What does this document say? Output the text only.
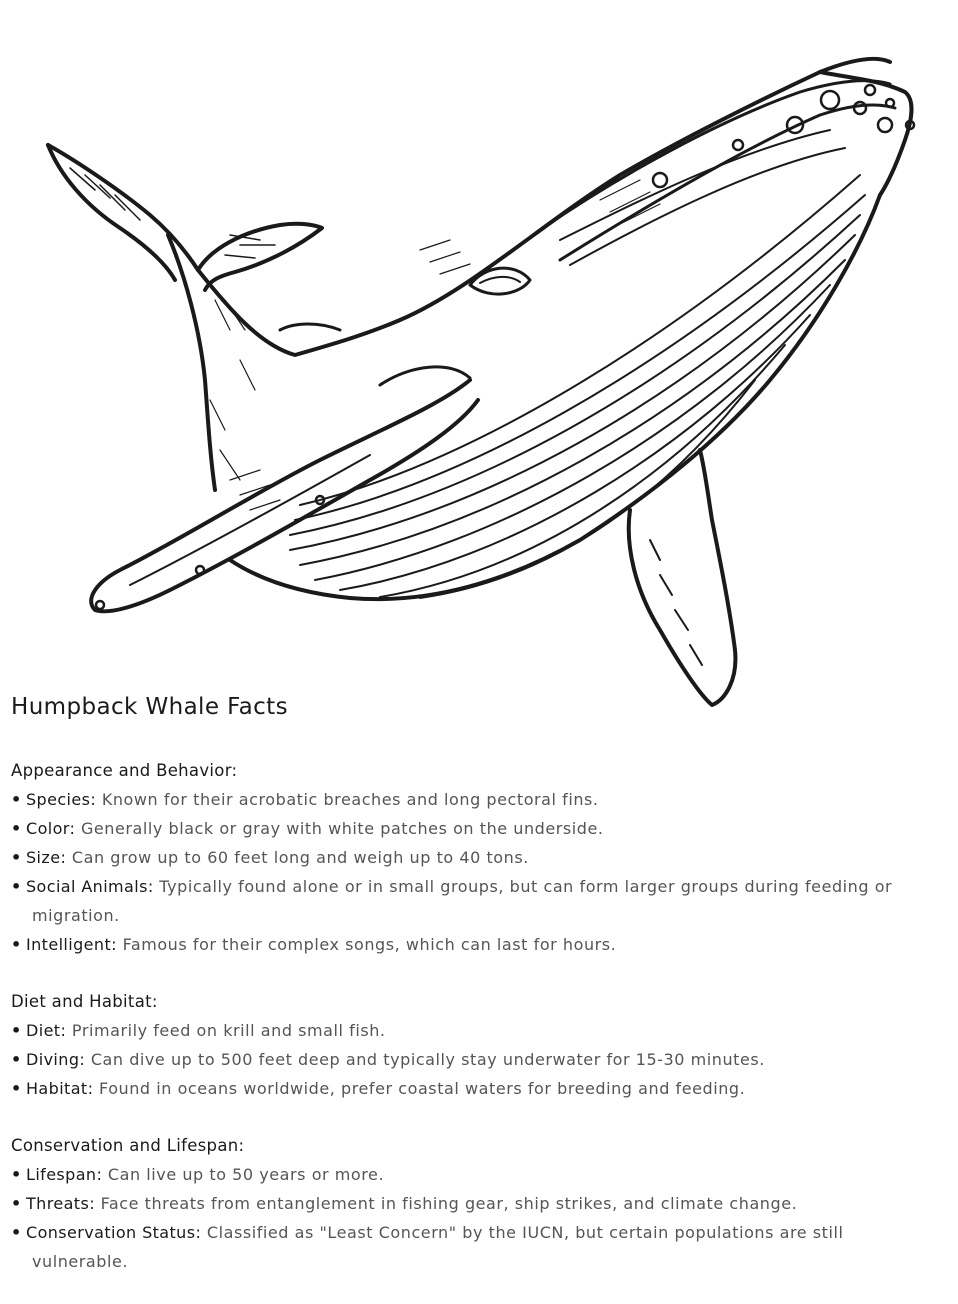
Humpback Whale Facts
Appearance and Behavior:
• Species: Known for their acrobatic breaches and long pectoral fins.
• Color: Generally black or gray with white patches on the underside.
• Size: Can grow up to 60 feet long and weigh up to 40 tons.
• Social Animals: Typically found alone or in small groups, but can form larger groups during feeding or
migration.
• Intelligent: Famous for their complex songs, which can last for hours.
Diet and Habitat:
• Diet: Primarily feed on krill and small fish.
• Diving: Can dive up to 500 feet deep and typically stay underwater for 15-30 minutes.
• Habitat: Found in oceans worldwide, prefer coastal waters for breeding and feeding.
Conservation and Lifespan:
• Lifespan: Can live up to 50 years or more.
• Threats: Face threats from entanglement in fishing gear, ship strikes, and climate change.
• Conservation Status: Classified as "Least Concern" by the IUCN, but certain populations are still
vulnerable.
